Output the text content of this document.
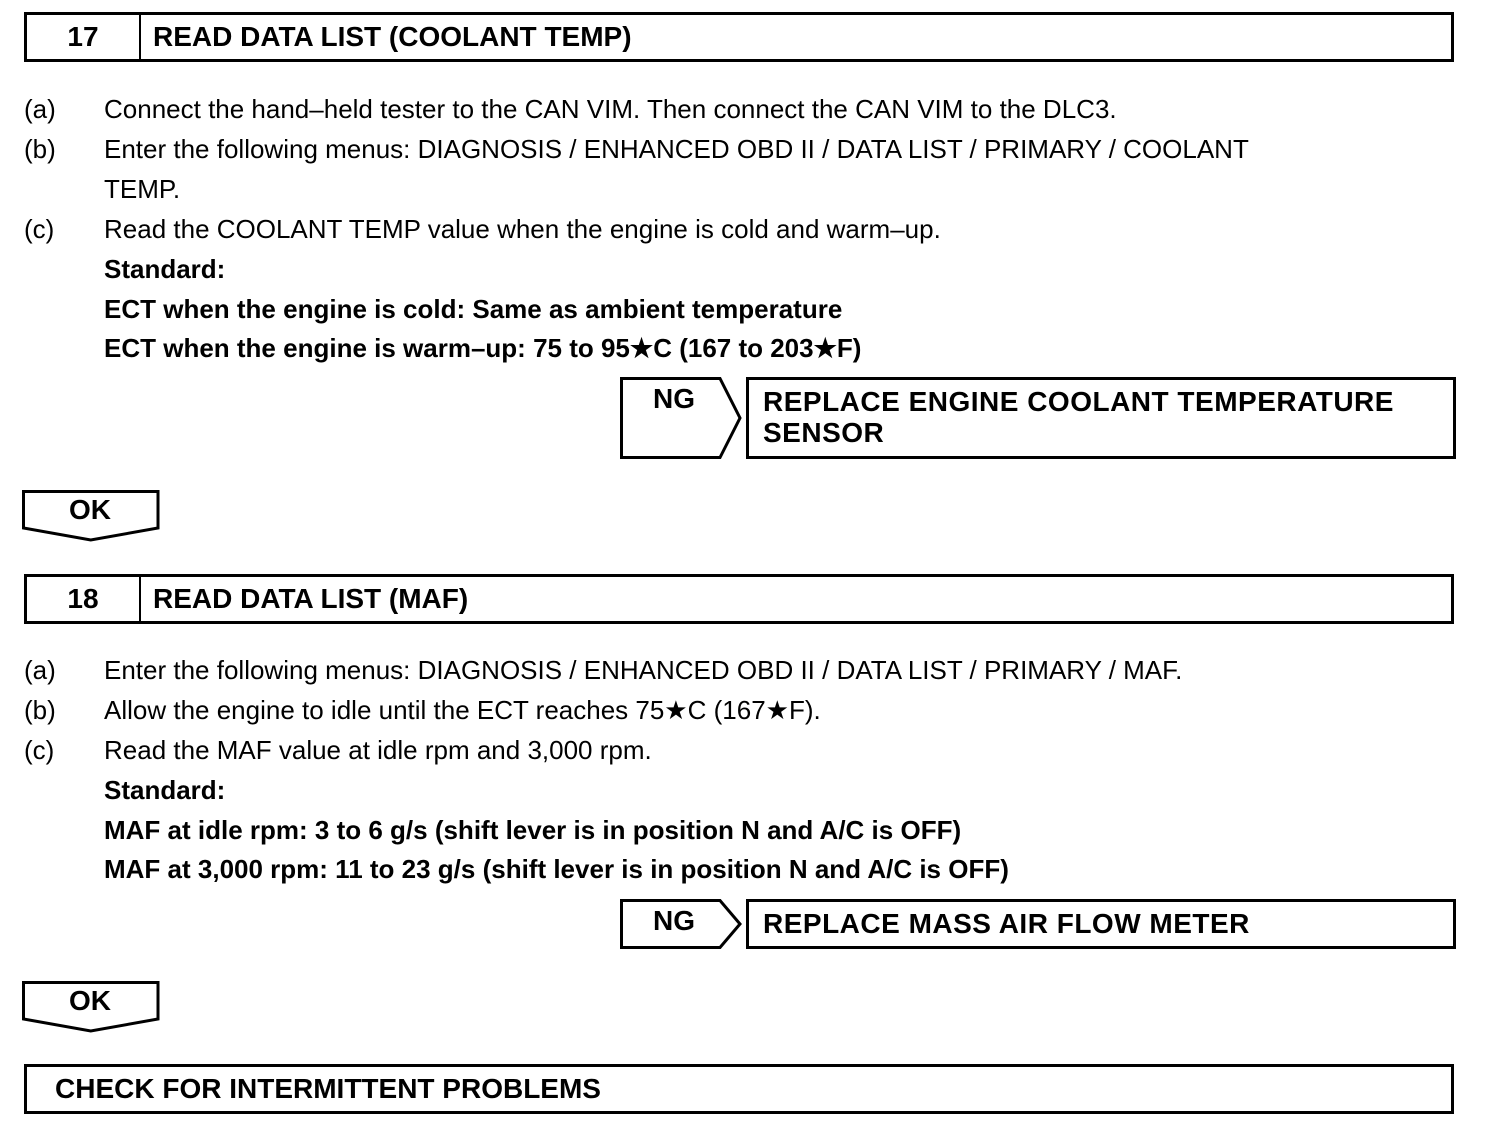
17	READ DATA LIST (COOLANT TEMP)
(a)	Connect the hand–held tester to the CAN VIM. Then connect the CAN VIM to the DLC3.
(b)	Enter the following menus: DIAGNOSIS / ENHANCED OBD II / DATA LIST / PRIMARY / COOLANT
TEMP.
(c)	Read the COOLANT TEMP value when the engine is cold and warm–up.
Standard:
ECT when the engine is cold: Same as ambient temperature
ECT when the engine is warm–up: 75 to 95★C (167 to 203★F)
NG	REPLACE ENGINE COOLANT TEMPERATURE
SENSOR
OK
18	READ DATA LIST (MAF)
(a)	Enter the following menus: DIAGNOSIS / ENHANCED OBD II / DATA LIST / PRIMARY / MAF.
(b)	Allow the engine to idle until the ECT reaches 75★C (167★F).
(c)	Read the MAF value at idle rpm and 3,000 rpm.
Standard:
MAF at idle rpm: 3 to 6 g/s (shift lever is in position N and A/C is OFF)
MAF at 3,000 rpm: 11 to 23 g/s (shift lever is in position N and A/C is OFF)
NG	REPLACE MASS AIR FLOW METER
OK
CHECK FOR INTERMITTENT PROBLEMS
